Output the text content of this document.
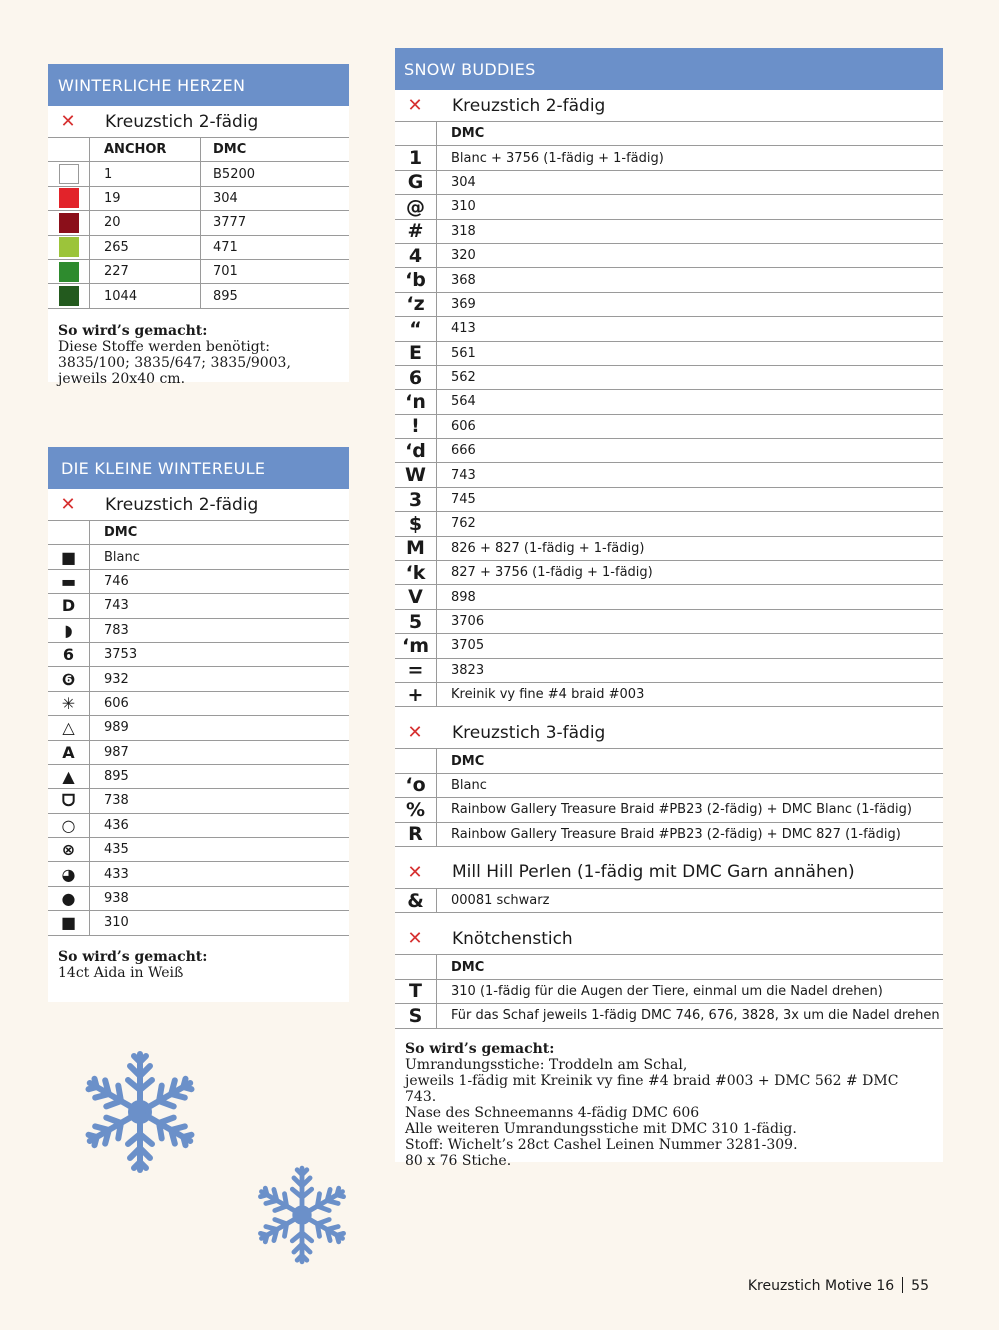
WINTERLICHE HERZEN
✕	Kreuzstich 2-fädig
ANCHOR	DMC
1	B5200
19	304
20	3777
265	471
227	701
1044	895
So wird’s gemacht:
Diese Stoffe werden benötigt: 3835/100; 3835/647; 3835/9003, jeweils 20x40 cm.
DIE KLEINE WINTEREULE
✕	Kreuzstich 2-fädig
DMC
■	Blanc
▬	746
D	743
◗	783
6	3753
❻	932
✳	606
△	989
A	987
▲	895
ᗜ	738
○	436
⊗	435
◕	433
●	938
■	310
So wird’s gemacht:
14ct Aida in Weiß
SNOW BUDDIES
✕	Kreuzstich 2-fädig
DMC
1	Blanc + 3756 (1-fädig + 1-fädig)
G	304
@	310
#	318
4	320
‘b	368
‘z	369
“	413
E	561
6	562
‘n	564
!	606
‘d	666
W	743
3	745
$	762
M	826 + 827 (1-fädig + 1-fädig)
‘k	827 + 3756 (1-fädig + 1-fädig)
V	898
5	3706
‘m	3705
=	3823
+	Kreinik vy fine #4 braid #003
✕	Kreuzstich 3-fädig
DMC
‘o	Blanc
%	Rainbow Gallery Treasure Braid #PB23 (2-fädig) + DMC Blanc (1-fädig)
R	Rainbow Gallery Treasure Braid #PB23 (2-fädig) + DMC 827 (1-fädig)
✕	Mill Hill Perlen (1-fädig mit DMC Garn annähen)
&	00081 schwarz
✕	Knötchenstich
DMC
T	310 (1-fädig für die Augen der Tiere, einmal um die Nadel drehen)
S	Für das Schaf jeweils 1-fädig DMC 746, 676, 3828, 3x um die Nadel drehen
So wird’s gemacht:
Umrandungsstiche: Troddeln am Schal,
jeweils 1-fädig mit Kreinik vy fine #4 braid #003 + DMC 562 # DMC 743.
Nase des Schneemanns 4-fädig DMC 606
Alle weiteren Umrandungsstiche mit DMC 310 1-fädig.
Stoff: Wichelt’s 28ct Cashel Leinen Nummer 3281-309.
80 x 76 Stiche.
Kreuzstich Motive 16 55
